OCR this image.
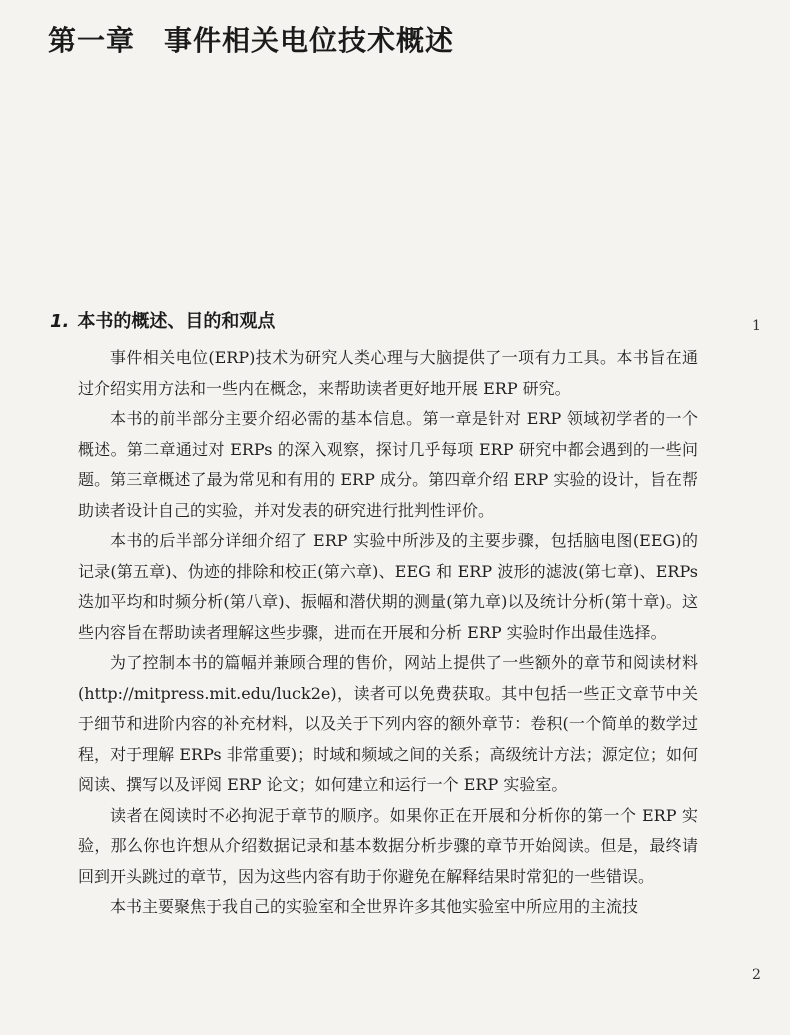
第一章　事件相关电位技术概述
1. 本书的概述、目的和观点

事件相关电位(ERP)技术为研究人类心理与大脑提供了一项有力工具。本书旨在通过介绍实用方法和一些内在概念，来帮助读者更好地开展 ERP 研究。

本书的前半部分主要介绍必需的基本信息。第一章是针对 ERP 领域初学者的一个概述。第二章通过对 ERPs 的深入观察，探讨几乎每项 ERP 研究中都会遇到的一些问题。第三章概述了最为常见和有用的 ERP 成分。第四章介绍 ERP 实验的设计，旨在帮助读者设计自己的实验，并对发表的研究进行批判性评价。

本书的后半部分详细介绍了 ERP 实验中所涉及的主要步骤，包括脑电图(EEG)的记录(第五章)、伪迹的排除和校正(第六章)、EEG 和 ERP 波形的滤波(第七章)、ERPs 迭加平均和时频分析(第八章)、振幅和潜伏期的测量(第九章)以及统计分析(第十章)。这些内容旨在帮助读者理解这些步骤，进而在开展和分析 ERP 实验时作出最佳选择。

为了控制本书的篇幅并兼顾合理的售价，网站上提供了一些额外的章节和阅读材料(http://mitpress.mit.edu/luck2e)，读者可以免费获取。其中包括一些正文章节中关于细节和进阶内容的补充材料，以及关于下列内容的额外章节：卷积(一个简单的数学过程，对于理解 ERPs 非常重要)；时域和频域之间的关系；高级统计方法；源定位；如何阅读、撰写以及评阅 ERP 论文；如何建立和运行一个 ERP 实验室。

读者在阅读时不必拘泥于章节的顺序。如果你正在开展和分析你的第一个 ERP 实验，那么你也许想从介绍数据记录和基本数据分析步骤的章节开始阅读。但是，最终请回到开头跳过的章节，因为这些内容有助于你避免在解释结果时常犯的一些错误。

本书主要聚焦于我自己的实验室和全世界许多其他实验室中所应用的主流技

1
2
